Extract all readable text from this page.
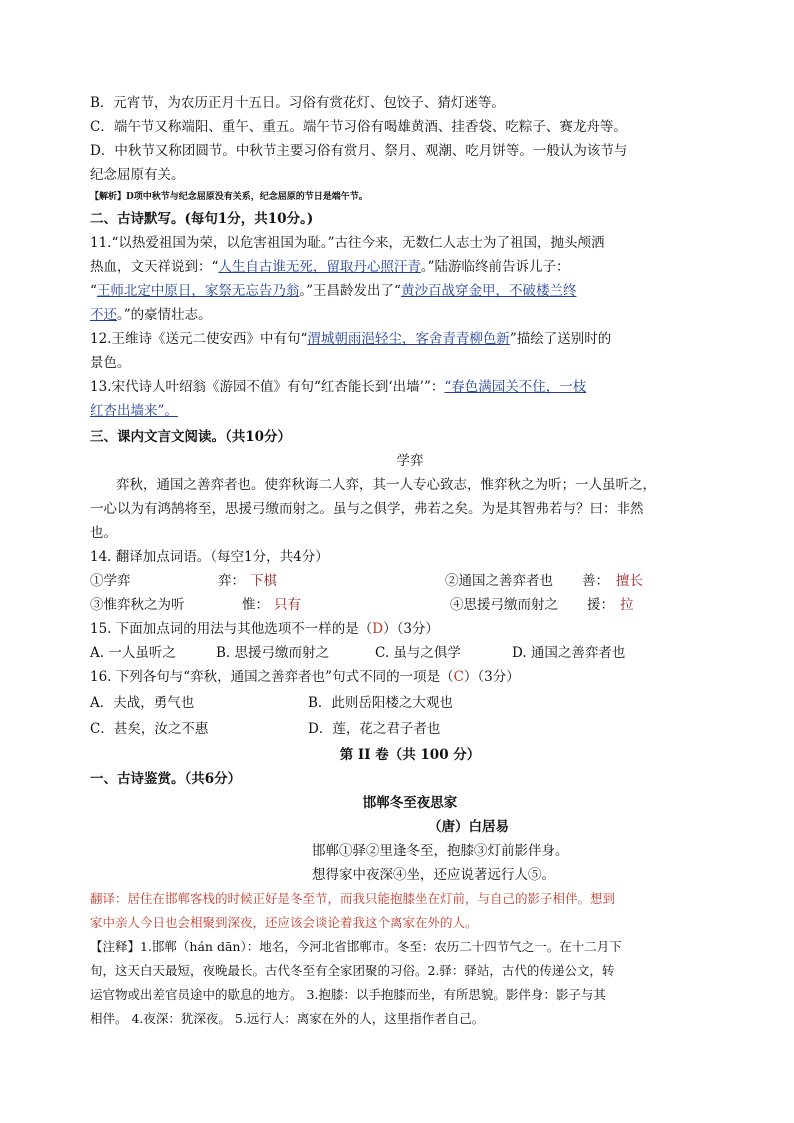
B．元宵节，为农历正月十五日。习俗有赏花灯、包饺子、猜灯迷等。
C．端午节又称端阳、重午、重五。端午节习俗有喝雄黄酒、挂香袋、吃粽子、赛龙舟等。
D．中秋节又称团圆节。中秋节主要习俗有赏月、祭月、观潮、吃月饼等。一般认为该节与
纪念屈原有关。
【解析】D项中秋节与纪念屈原没有关系，纪念屈原的节日是端午节。
二、古诗默写。(每句1分，共10分。)
11.“以热爱祖国为荣，以危害祖国为耻。”古往今来，无数仁人志士为了祖国，抛头颅洒
热血，文天祥说到：“人生自古谁无死，留取丹心照汗青。”陆游临终前告诉儿子：
“王师北定中原日，家祭无忘告乃翁。”王昌龄发出了“黄沙百战穿金甲，不破楼兰终
不还。”的豪情壮志。
12.王维诗《送元二使安西》中有句“渭城朝雨浥轻尘，客舍青青柳色新”描绘了送别时的
景色。
13.宋代诗人叶绍翁《游园不值》有句“红杏能长到‘出墙’”：“春色满园关不住，一枝
红杏出墙来”。
三、课内文言文阅读。（共10分）
学弈
弈秋，通国之善弈者也。使弈秋诲二人弈，其一人专心致志，惟弈秋之为听；一人虽听之，
一心以为有鸿鹄将至，思援弓缴而射之。虽与之俱学，弗若之矣。为是其智弗若与？曰：非然
也。
14. 翻译加点词语。（每空1分，共4分）
①学弈	弈： 下棋	②通国之善弈者也 善： 擅长
③惟弈秋之为听	惟： 只有	④思援弓缴而射之 援： 拉
15. 下面加点词的用法与其他选项不一样的是（D）（3分）
A. 一人虽听之	B. 思援弓缴而射之	C. 虽与之俱学	D. 通国之善弈者也
16. 下列各句与“弈秋，通国之善弈者也”句式不同的一项是（C）（3分）
A．夫战，勇气也	B．此则岳阳楼之大观也
C．甚矣，汝之不惠	D．莲，花之君子者也
第 II 卷（共 100 分）
一、古诗鉴赏。（共6分）
邯郸冬至夜思家
（唐）白居易
邯郸①驿②里逢冬至，抱膝③灯前影伴身。
想得家中夜深④坐，还应说著远行人⑤。
翻译：居住在邯郸客栈的时候正好是冬至节，而我只能抱膝坐在灯前，与自己的影子相伴。想到
家中亲人今日也会相聚到深夜，还应该会谈论着我这个离家在外的人。
【注释】1.邯郸（hán dān）：地名，今河北省邯郸市。冬至：农历二十四节气之一。在十二月下
旬，这天白天最短，夜晚最长。古代冬至有全家团聚的习俗。2.驿：驿站，古代的传递公文，转
运官物或出差官员途中的歇息的地方。 3.抱膝：以手抱膝而坐，有所思貌。影伴身：影子与其
相伴。 4.夜深：犹深夜。 5.远行人：离家在外的人，这里指作者自己。
